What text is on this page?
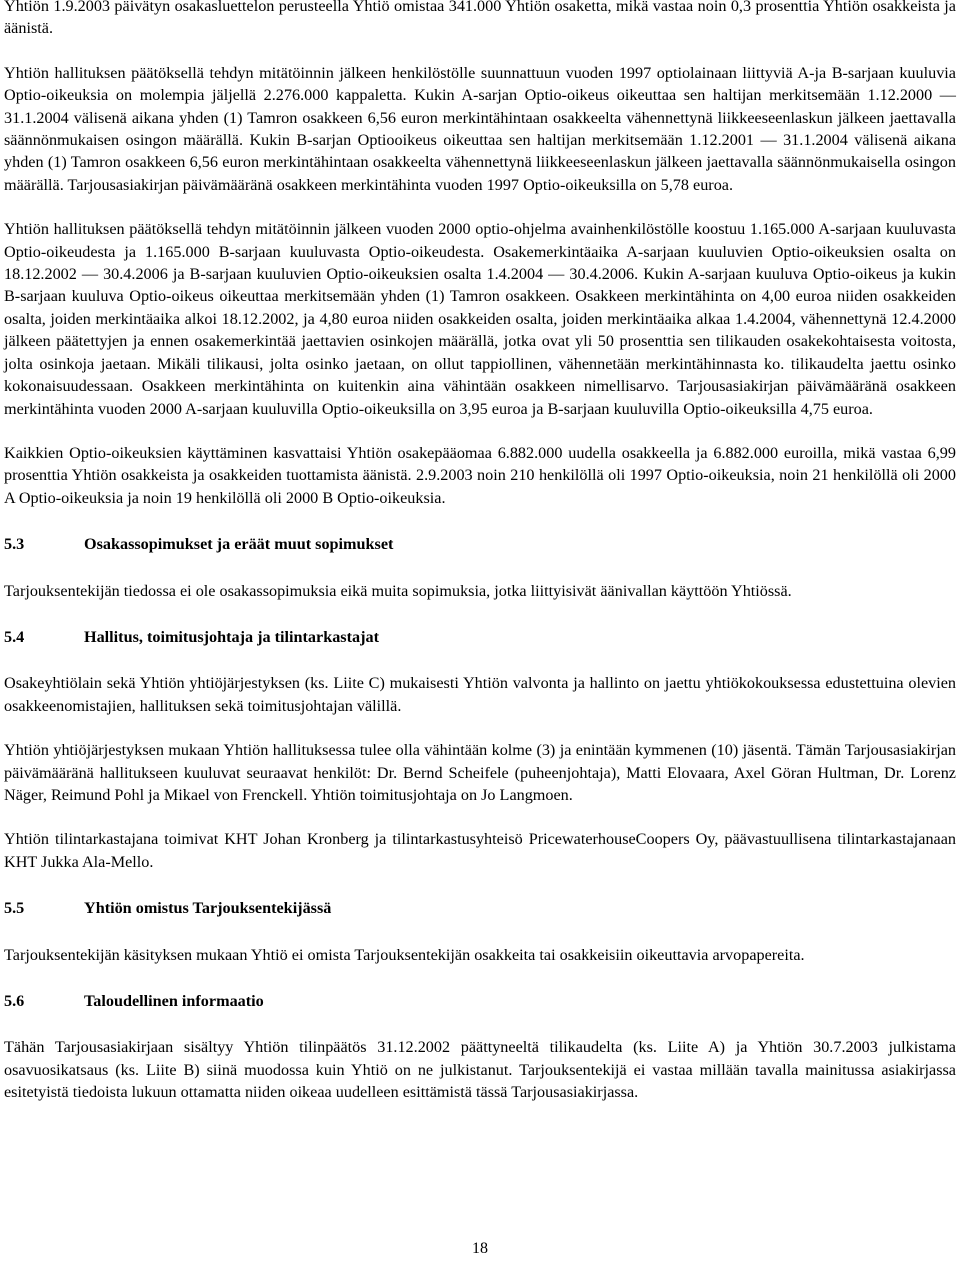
Yhtiön 1.9.2003 päivätyn osakasluettelon perusteella Yhtiö omistaa 341.000 Yhtiön osaketta, mikä vastaa noin 0,3 prosenttia Yhtiön osakkeista ja äänistä.

Yhtiön hallituksen päätöksellä tehdyn mitätöinnin jälkeen henkilöstölle suunnattuun vuoden 1997 optiolainaan liittyviä A-ja B-sarjaan kuuluvia Optio-oikeuksia on molempia jäljellä 2.276.000 kappaletta. Kukin A-sarjan Optio-oikeus oikeuttaa sen haltijan merkitsemään 1.12.2000 — 31.1.2004 välisenä aikana yhden (1) Tamron osakkeen 6,56 euron merkintähintaan osakkeelta vähennettynä liikkeeseenlaskun jälkeen jaettavalla säännönmukaisen osingon määrällä. Kukin B-sarjan Optiooikeus oikeuttaa sen haltijan merkitsemään 1.12.2001 — 31.1.2004 välisenä aikana yhden (1) Tamron osakkeen 6,56 euron merkintähintaan osakkeelta vähennettynä liikkeeseenlaskun jälkeen jaettavalla säännönmukaisella osingon määrällä. Tarjousasiakirjan päivämääränä osakkeen merkintähinta vuoden 1997 Optio-oikeuksilla on 5,78 euroa.

Yhtiön hallituksen päätöksellä tehdyn mitätöinnin jälkeen vuoden 2000 optio-ohjelma avainhenkilöstölle koostuu 1.165.000 A-sarjaan kuuluvasta Optio-oikeudesta ja 1.165.000 B-sarjaan kuuluvasta Optio-oikeudesta. Osakemerkintäaika A-sarjaan kuuluvien Optio-oikeuksien osalta on 18.12.2002 — 30.4.2006 ja B-sarjaan kuuluvien Optio-oikeuksien osalta 1.4.2004 — 30.4.2006. Kukin A-sarjaan kuuluva Optio-oikeus ja kukin B-sarjaan kuuluva Optio-oikeus oikeuttaa merkitsemään yhden (1) Tamron osakkeen. Osakkeen merkintähinta on 4,00 euroa niiden osakkeiden osalta, joiden merkintäaika alkoi 18.12.2002, ja 4,80 euroa niiden osakkeiden osalta, joiden merkintäaika alkaa 1.4.2004, vähennettynä 12.4.2000 jälkeen päätettyjen ja ennen osakemerkintää jaettavien osinkojen määrällä, jotka ovat yli 50 prosenttia sen tilikauden osakekohtaisesta voitosta, jolta osinkoja jaetaan. Mikäli tilikausi, jolta osinko jaetaan, on ollut tappiollinen, vähennetään merkintähinnasta ko. tilikaudelta jaettu osinko kokonaisuudessaan. Osakkeen merkintähinta on kuitenkin aina vähintään osakkeen nimellisarvo. Tarjousasiakirjan päivämääränä osakkeen merkintähinta vuoden 2000 A-sarjaan kuuluvilla Optio-oikeuksilla on 3,95 euroa ja B-sarjaan kuuluvilla Optio-oikeuksilla 4,75 euroa.

Kaikkien Optio-oikeuksien käyttäminen kasvattaisi Yhtiön osakepääomaa 6.882.000 uudella osakkeella ja 6.882.000 euroilla, mikä vastaa 6,99 prosenttia Yhtiön osakkeista ja osakkeiden tuottamista äänistä. 2.9.2003 noin 210 henkilöllä oli 1997 Optio-oikeuksia, noin 21 henkilöllä oli 2000 A Optio-oikeuksia ja noin 19 henkilöllä oli 2000 B Optio-oikeuksia.

5.3	Osakassopimukset ja eräät muut sopimukset

Tarjouksentekijän tiedossa ei ole osakassopimuksia eikä muita sopimuksia, jotka liittyisivät äänivallan käyttöön Yhtiössä.

5.4	Hallitus, toimitusjohtaja ja tilintarkastajat

Osakeyhtiölain sekä Yhtiön yhtiöjärjestyksen (ks. Liite C) mukaisesti Yhtiön valvonta ja hallinto on jaettu yhtiökokouksessa edustettuina olevien osakkeenomistajien, hallituksen sekä toimitusjohtajan välillä.

Yhtiön yhtiöjärjestyksen mukaan Yhtiön hallituksessa tulee olla vähintään kolme (3) ja enintään kymmenen (10) jäsentä. Tämän Tarjousasiakirjan päivämääränä hallitukseen kuuluvat seuraavat henkilöt: Dr. Bernd Scheifele (puheenjohtaja), Matti Elovaara, Axel Göran Hultman, Dr. Lorenz Näger, Reimund Pohl ja Mikael von Frenckell. Yhtiön toimitusjohtaja on Jo Langmoen.

Yhtiön tilintarkastajana toimivat KHT Johan Kronberg ja tilintarkastusyhteisö PricewaterhouseCoopers Oy, päävastuullisena tilintarkastajanaan KHT Jukka Ala-Mello.

5.5	Yhtiön omistus Tarjouksentekijässä

Tarjouksentekijän käsityksen mukaan Yhtiö ei omista Tarjouksentekijän osakkeita tai osakkeisiin oikeuttavia arvopapereita.

5.6	Taloudellinen informaatio

Tähän Tarjousasiakirjaan sisältyy Yhtiön tilinpäätös 31.12.2002 päättyneeltä tilikaudelta (ks. Liite A) ja Yhtiön 30.7.2003 julkistama osavuosikatsaus (ks. Liite B) siinä muodossa kuin Yhtiö on ne julkistanut. Tarjouksentekijä ei vastaa millään tavalla mainitussa asiakirjassa esitetyistä tiedoista lukuun ottamatta niiden oikeaa uudelleen esittämistä tässä Tarjousasiakirjassa.

18
